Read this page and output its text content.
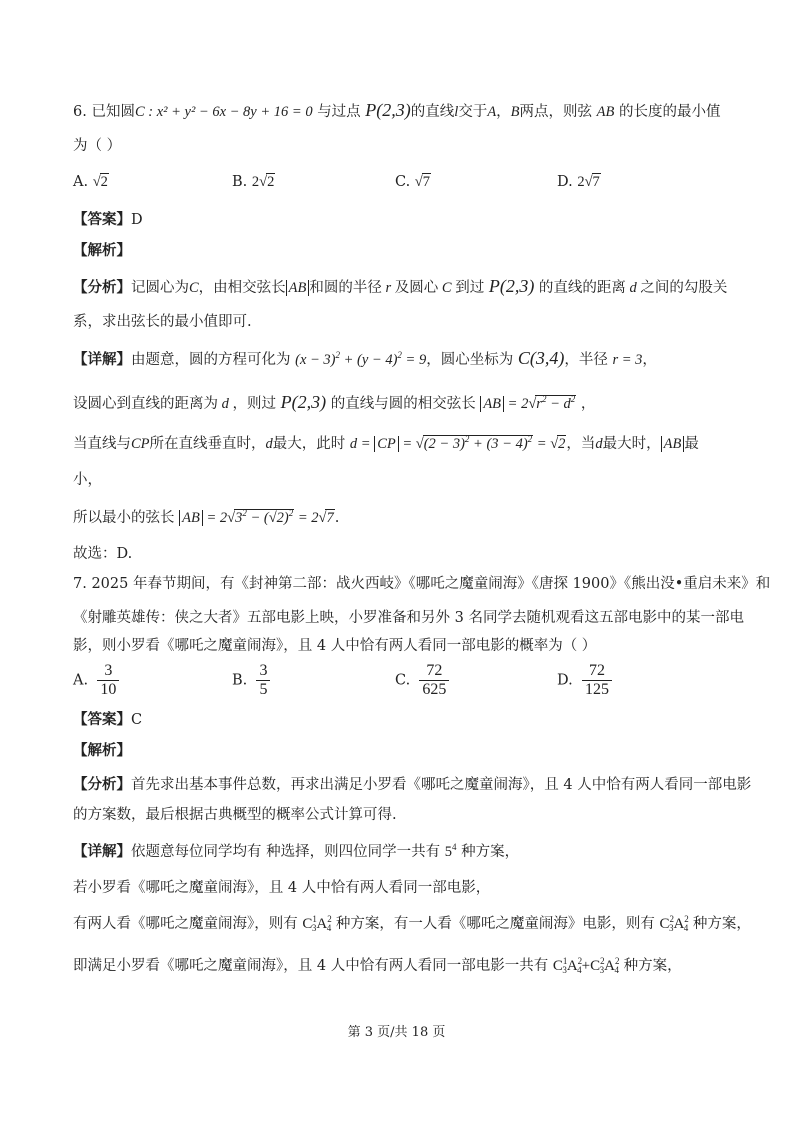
6. 已知圆C : x² + y² − 6x − 8y + 16 = 0 与过点 P(2,3)的直线l交于A，B两点，则弦 AB 的长度的最小值
为（ ）
A. √2	B. 2√2	C. √7	D. 2√7
【答案】D
【解析】
【分析】记圆心为C，由相交弦长 AB 和圆的半径 r 及圆心 C 到过 P(2,3) 的直线的距离 d 之间的勾股关
系，求出弦长的最小值即可.
【详解】由题意，圆的方程可化为 $(x - 3)^2 + (y - 4)^2 = 9$，圆心坐标为 C(3,4)，半径 r = 3，
设圆心到直线的距离为 d ，则过 P(2,3) 的直线与圆的相交弦长 AB = $2√r^2 - d^2$ ，
当直线与CP所在直线垂直时，d最大，此时 d = CP = $√(2 - 3)^2 + (3 - 4)^2 = √2$，当d最大时， AB 最
小，
所以最小的弦长 AB = $2√3^2 - (√2)^2 = 2√7$.
故选：D.
7. 2025 年春节期间，有《封神第二部：战火西岐》《哪吒之魔童闹海》《唐探 1900》《熊出没•重启未来》和
《射雕英雄传：侠之大者》五部电影上映，小罗准备和另外 3 名同学去随机观看这五部电影中的某一部电
影，则小罗看《哪吒之魔童闹海》，且 4 人中恰有两人看同一部电影的概率为（ ）
A. $\frac{3}{10}$	B. $\frac{3}{5}$	C. $\frac{72}{625}$	D. $\frac{72}{125}$
【答案】C
【解析】
【分析】首先求出基本事件总数，再求出满足小罗看《哪吒之魔童闹海》，且 4 人中恰有两人看同一部电影
的方案数，最后根据古典概型的概率公式计算可得.
【详解】依题意每位同学均有 种选择，则四位同学一共有 $5^4$ 种方案，
若小罗看《哪吒之魔童闹海》，且 4 人中恰有两人看同一部电影，
有两人看《哪吒之魔童闹海》，则有 $C^1_3A^2_4$ 种方案，有一人看《哪吒之魔童闹海》电影，则有 $C^2_3A^2_4$ 种方案，
即满足小罗看《哪吒之魔童闹海》，且 4 人中恰有两人看同一部电影一共有 $C^1_3A^2_4+C^2_3A^2_4$ 种方案，
第 3 页/共 18 页
